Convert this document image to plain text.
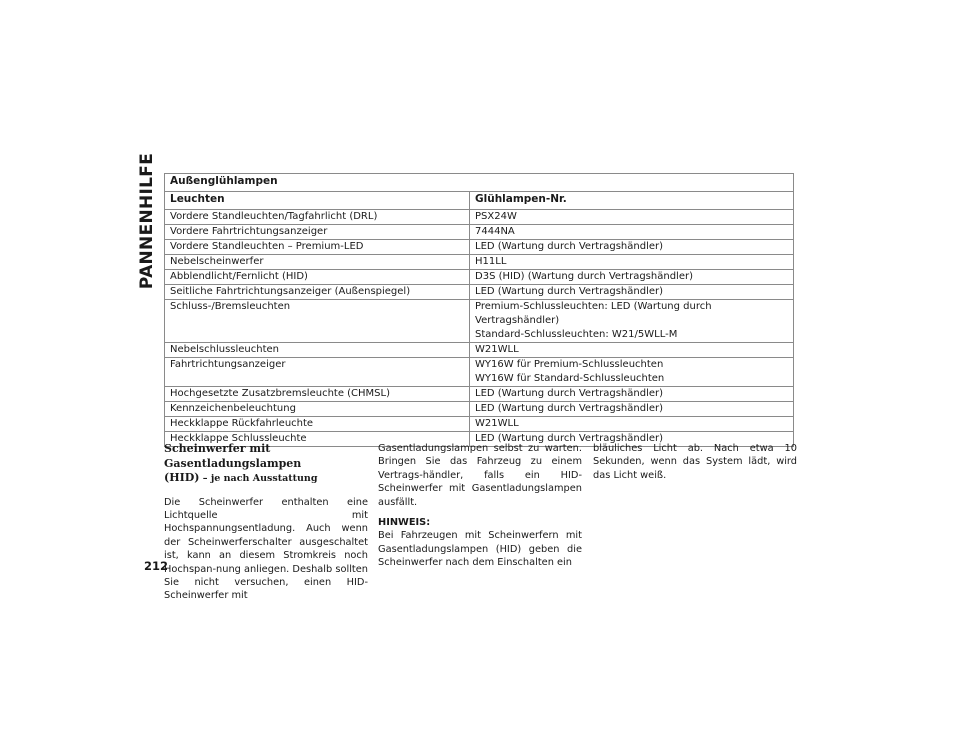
PANNENHILFE Außenglühlampen	
Leuchten	Glühlampen-Nr.
Vordere Standleuchten/Tagfahrlicht (DRL)	PSX24W

Vordere Fahrtrichtungsanzeiger	7444NA

Vordere Standleuchten – Premium-LED	LED (Wartung durch Vertragshändler)

Nebelscheinwerfer	H11LL

Abblendlicht/Fernlicht (HID)	D3S (HID) (Wartung durch Vertragshändler)

Seitliche Fahrtrichtungsanzeiger (Außenspiegel)	LED (Wartung durch Vertragshändler)

Schluss-/Bremsleuchten	Premium-Schlussleuchten: LED (Wartung durch Vertragshändler)
Standard-Schlussleuchten: W21/5WLL-M

Nebelschlussleuchten	W21WLL

Fahrtrichtungsanzeiger	WY16W für Premium-Schlussleuchten
WY16W für Standard-Schlussleuchten

Hochgesetzte Zusatzbremsleuchte (CHMSL)	LED (Wartung durch Vertragshändler)

Kennzeichenbeleuchtung	LED (Wartung durch Vertragshändler)

Heckklappe Rückfahrleuchte	W21WLL

Heckklappe Schlussleuchte	LED (Wartung durch Vertragshändler)
Scheinwerfer mit Gasentladungslampen
(HID) – je nach Ausstattung

Die Scheinwerfer enthalten eine Lichtquelle mit Hochspannungsentladung. Auch wenn der Scheinwerferschalter ausgeschaltet ist, kann an diesem Stromkreis noch Hochspan-nung anliegen. Deshalb sollten Sie nicht versuchen, einen HID-Scheinwerfer mit

Gasentladungslampen selbst zu warten. Bringen Sie das Fahrzeug zu einem Vertrags-händler, falls ein HID-Scheinwerfer mit Gasentladungslampen ausfällt.

HINWEIS:
Bei Fahrzeugen mit Scheinwerfern mit Gasentladungslampen (HID) geben die Scheinwerfer nach dem Einschalten ein

bläuliches Licht ab. Nach etwa 10 Sekunden, wenn das System lädt, wird das Licht weiß.

212
